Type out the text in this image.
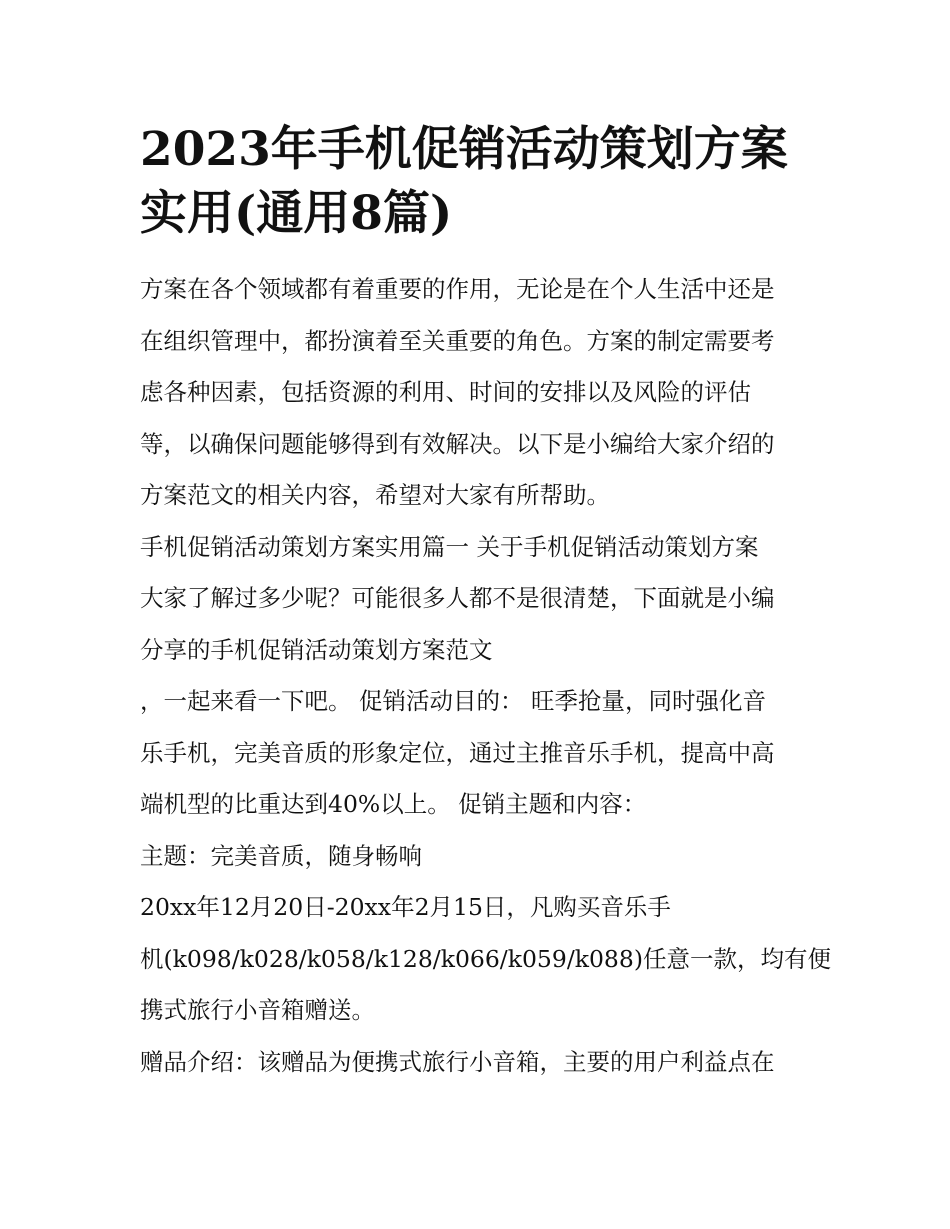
2023年手机促销活动策划方案
实用(通用8篇)
方案在各个领域都有着重要的作用，无论是在个人生活中还是
在组织管理中，都扮演着至关重要的角色。方案的制定需要考
虑各种因素，包括资源的利用、时间的安排以及风险的评估
等，以确保问题能够得到有效解决。以下是小编给大家介绍的
方案范文的相关内容，希望对大家有所帮助。
手机促销活动策划方案实用篇一 关于手机促销活动策划方案
大家了解过多少呢？可能很多人都不是很清楚，下面就是小编
分享的手机促销活动策划方案范文
，一起来看一下吧。 促销活动目的： 旺季抢量，同时强化音
乐手机，完美音质的形象定位，通过主推音乐手机，提高中高
端机型的比重达到40%以上。 促销主题和内容：
主题：完美音质，随身畅响
20xx年12月20日-20xx年2月15日，凡购买音乐手
机(k098/k028/k058/k128/k066/k059/k088)任意一款，均有便
携式旅行小音箱赠送。
赠品介绍：该赠品为便携式旅行小音箱，主要的用户利益点在
